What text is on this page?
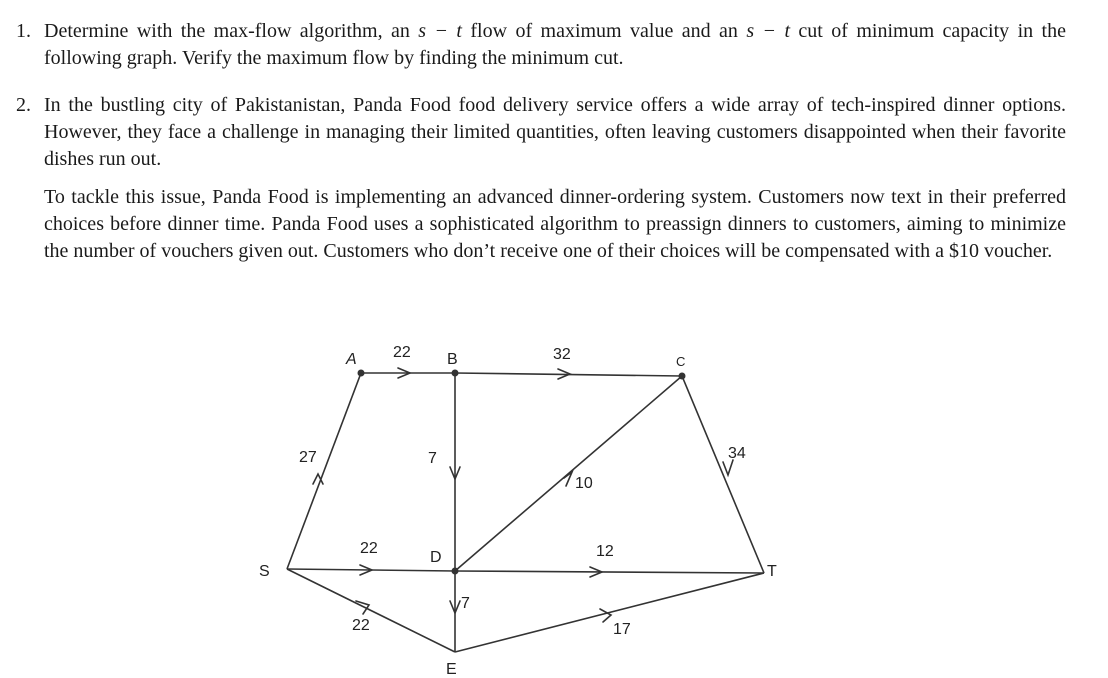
1. Determine with the max-flow algorithm, an s − t flow of maximum value and an s − t cut of minimum capacity in the following graph. Verify the maximum flow by finding the minimum cut.
2. In the bustling city of Pakistanistan, Panda Food food delivery service offers a wide array of tech-inspired dinner options. However, they face a challenge in managing their limited quantities, often leaving customers disappointed when their favorite dishes run out.
To tackle this issue, Panda Food is implementing an advanced dinner-ordering system. Customers now text in their preferred choices before dinner time. Panda Food uses a sophisticated algorithm to preassign dinners to customers, aiming to minimize the number of vouchers given out. Customers who don’t receive one of their choices will be compensated with a $10 voucher.
S
A	B	C
D
E
T
27
22	32
7
10
34
22	12
22
7
17
